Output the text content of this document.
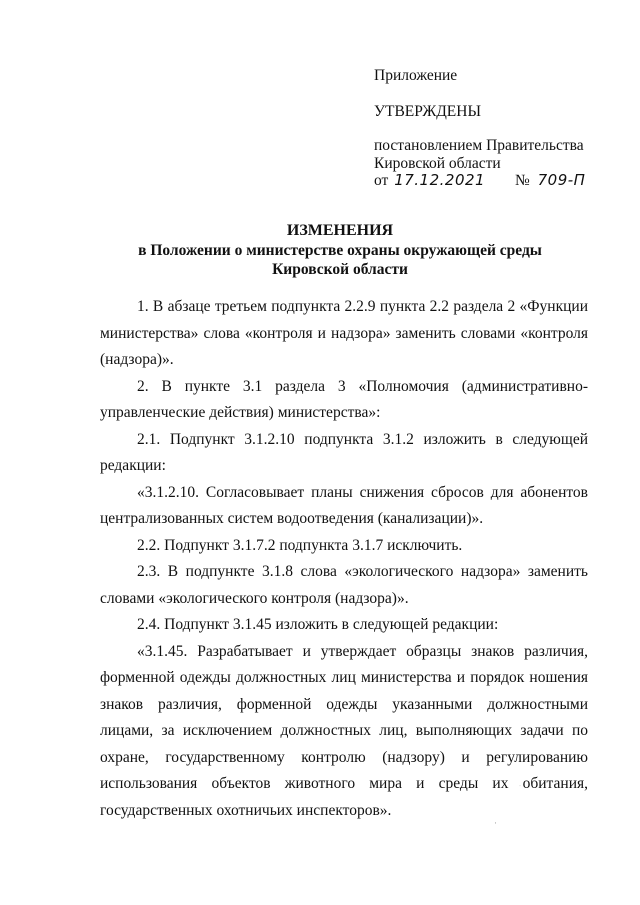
Приложение
УТВЕРЖДЕНЫ
постановлением Правительства
Кировской области
от 17.12.2021 № 709-П
ИЗМЕНЕНИЯ
в Положении о министерстве охраны окружающей среды
Кировской области

1. В абзаце третьем подпункта 2.2.9 пункта 2.2 раздела 2 «Функции министерства» слова «контроля и надзора» заменить словами «контроля (надзора)».

2. В пункте 3.1 раздела 3 «Полномочия (административно-управленческие действия) министерства»:

2.1. Подпункт 3.1.2.10 подпункта 3.1.2 изложить в следующей редакции:

«3.1.2.10. Согласовывает планы снижения сбросов для абонентов централизованных систем водоотведения (канализации)».

2.2. Подпункт 3.1.7.2 подпункта 3.1.7 исключить.

2.3. В подпункте 3.1.8 слова «экологического надзора» заменить словами «экологического контроля (надзора)».

2.4. Подпункт 3.1.45 изложить в следующей редакции:

«3.1.45. Разрабатывает и утверждает образцы знаков различия, форменной одежды должностных лиц министерства и порядок ношения знаков различия, форменной одежды указанными должностными лицами, за исключением должностных лиц, выполняющих задачи по охране, государственному контролю (надзору) и регулированию использования объектов животного мира и среды их обитания, государственных охотничьих инспекторов».

·
